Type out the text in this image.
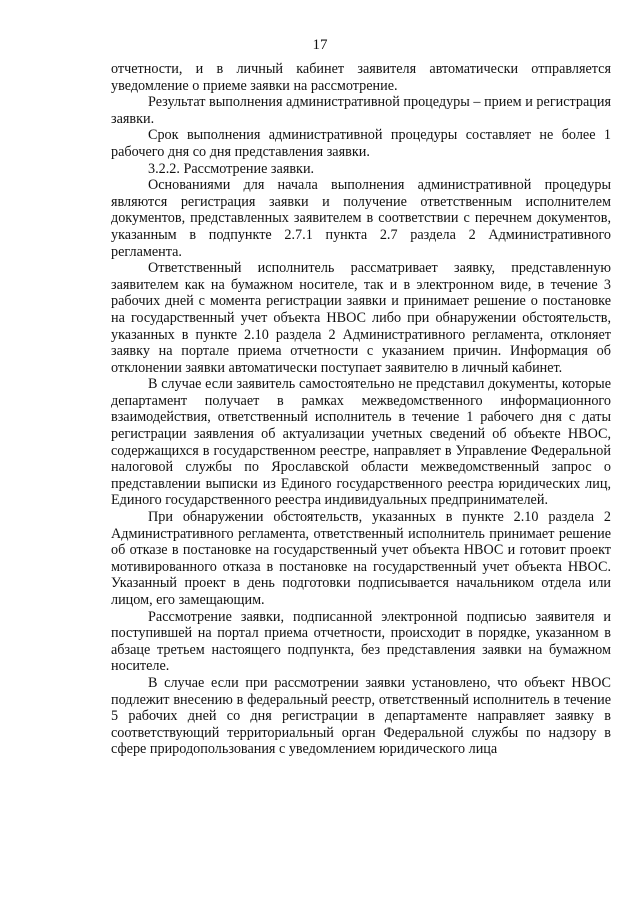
17

отчетности, и в личный кабинет заявителя автоматически отправляется уведомление о приеме заявки на рассмотрение.

Результат выполнения административной процедуры – прием и регистрация заявки.

Срок выполнения административной процедуры составляет не более 1 рабочего дня со дня представления заявки.

3.2.2. Рассмотрение заявки.

Основаниями для начала выполнения административной процедуры являются регистрация заявки и получение ответственным исполнителем документов, представленных заявителем в соответствии с перечнем документов, указанным в подпункте 2.7.1 пункта 2.7 раздела 2 Административного регламента.

Ответственный исполнитель рассматривает заявку, представленную заявителем как на бумажном носителе, так и в электронном виде, в течение 3 рабочих дней с момента регистрации заявки и принимает решение о постановке на государственный учет объекта НВОС либо при обнаружении обстоятельств, указанных в пункте 2.10 раздела 2 Административного регламента, отклоняет заявку на портале приема отчетности с указанием причин. Информация об отклонении заявки автоматически поступает заявителю в личный кабинет.

В случае если заявитель самостоятельно не представил документы, которые департамент получает в рамках межведомственного информационного взаимодействия, ответственный исполнитель в течение 1 рабочего дня с даты регистрации заявления об актуализации учетных сведений об объекте НВОС, содержащихся в государственном реестре, направляет в Управление Федеральной налоговой службы по Ярославской области межведомственный запрос о представлении выписки из Единого государственного реестра юридических лиц, Единого государственного реестра индивидуальных предпринимателей.

При обнаружении обстоятельств, указанных в пункте 2.10 раздела 2 Административного регламента, ответственный исполнитель принимает решение об отказе в постановке на государственный учет объекта НВОС и готовит проект мотивированного отказа в постановке на государственный учет объекта НВОС. Указанный проект в день подготовки подписывается начальником отдела или лицом, его замещающим.

Рассмотрение заявки, подписанной электронной подписью заявителя и поступившей на портал приема отчетности, происходит в порядке, указанном в абзаце третьем настоящего подпункта, без представления заявки на бумажном носителе.

В случае если при рассмотрении заявки установлено, что объект НВОС подлежит внесению в федеральный реестр, ответственный исполнитель в течение 5 рабочих дней со дня регистрации в департаменте направляет заявку в соответствующий территориальный орган Федеральной службы по надзору в сфере природопользования с уведомлением юридического лица
